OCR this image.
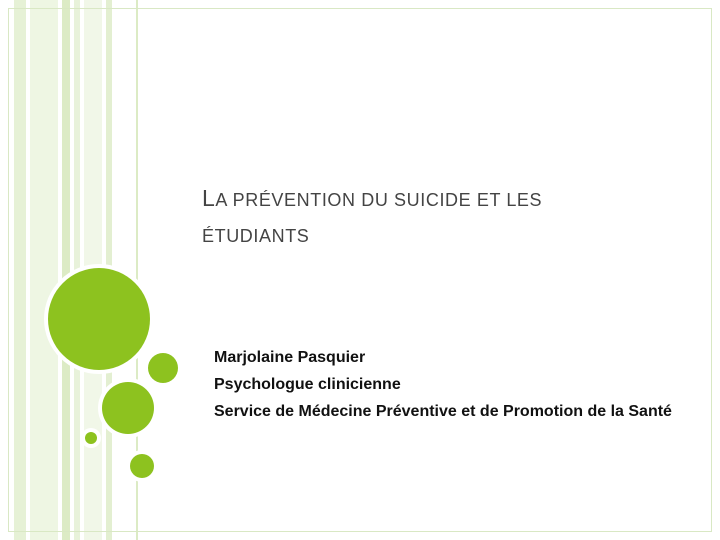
LA PRÉVENTION DU SUICIDE ET LES
ÉTUDIANTS
Marjolaine Pasquier
Psychologue clinicienne
Service de Médecine Préventive et de Promotion de la Santé
